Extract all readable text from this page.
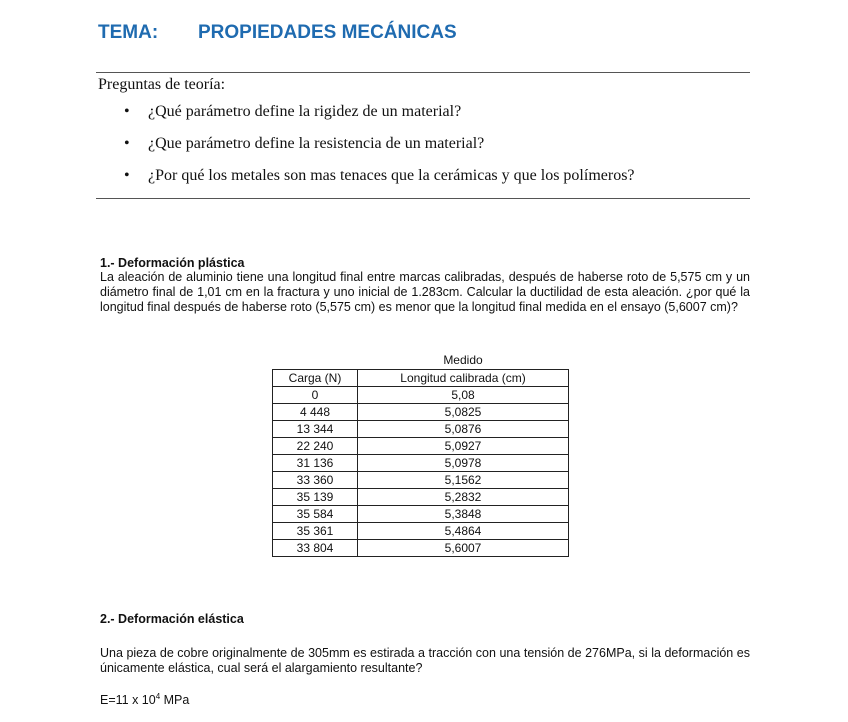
TEMA: PROPIEDADES MECÁNICAS
Preguntas de teoría:
• ¿Qué parámetro define la rigidez de un material?
• ¿Que parámetro define la resistencia de un material?
• ¿Por qué los metales son mas tenaces que la cerámicas y que los polímeros?
1.- Deformación plástica

La aleación de aluminio tiene una longitud final entre marcas calibradas, después de haberse roto de 5,575 cm y un diámetro final de 1,01 cm en la fractura y uno inicial de 1.283cm. Calcular la ductilidad de esta aleación. ¿por qué la longitud final después de haberse roto (5,575 cm) es menor que la longitud final medida en el ensayo (5,6007 cm)?

	Medido
Carga (N)	Longitud calibrada (cm)
0	5,08
4 448	5,0825
13 344	5,0876
22 240	5,0927
31 136	5,0978
33 360	5,1562
35 139	5,2832
35 584	5,3848
35 361	5,4864
33 804	5,6007
2.- Deformación elástica

Una pieza de cobre originalmente de 305mm es estirada a tracción con una tensión de 276MPa, si la deformación es únicamente elástica, cual será el alargamiento resultante?

E=11 x $10^4$ MPa
